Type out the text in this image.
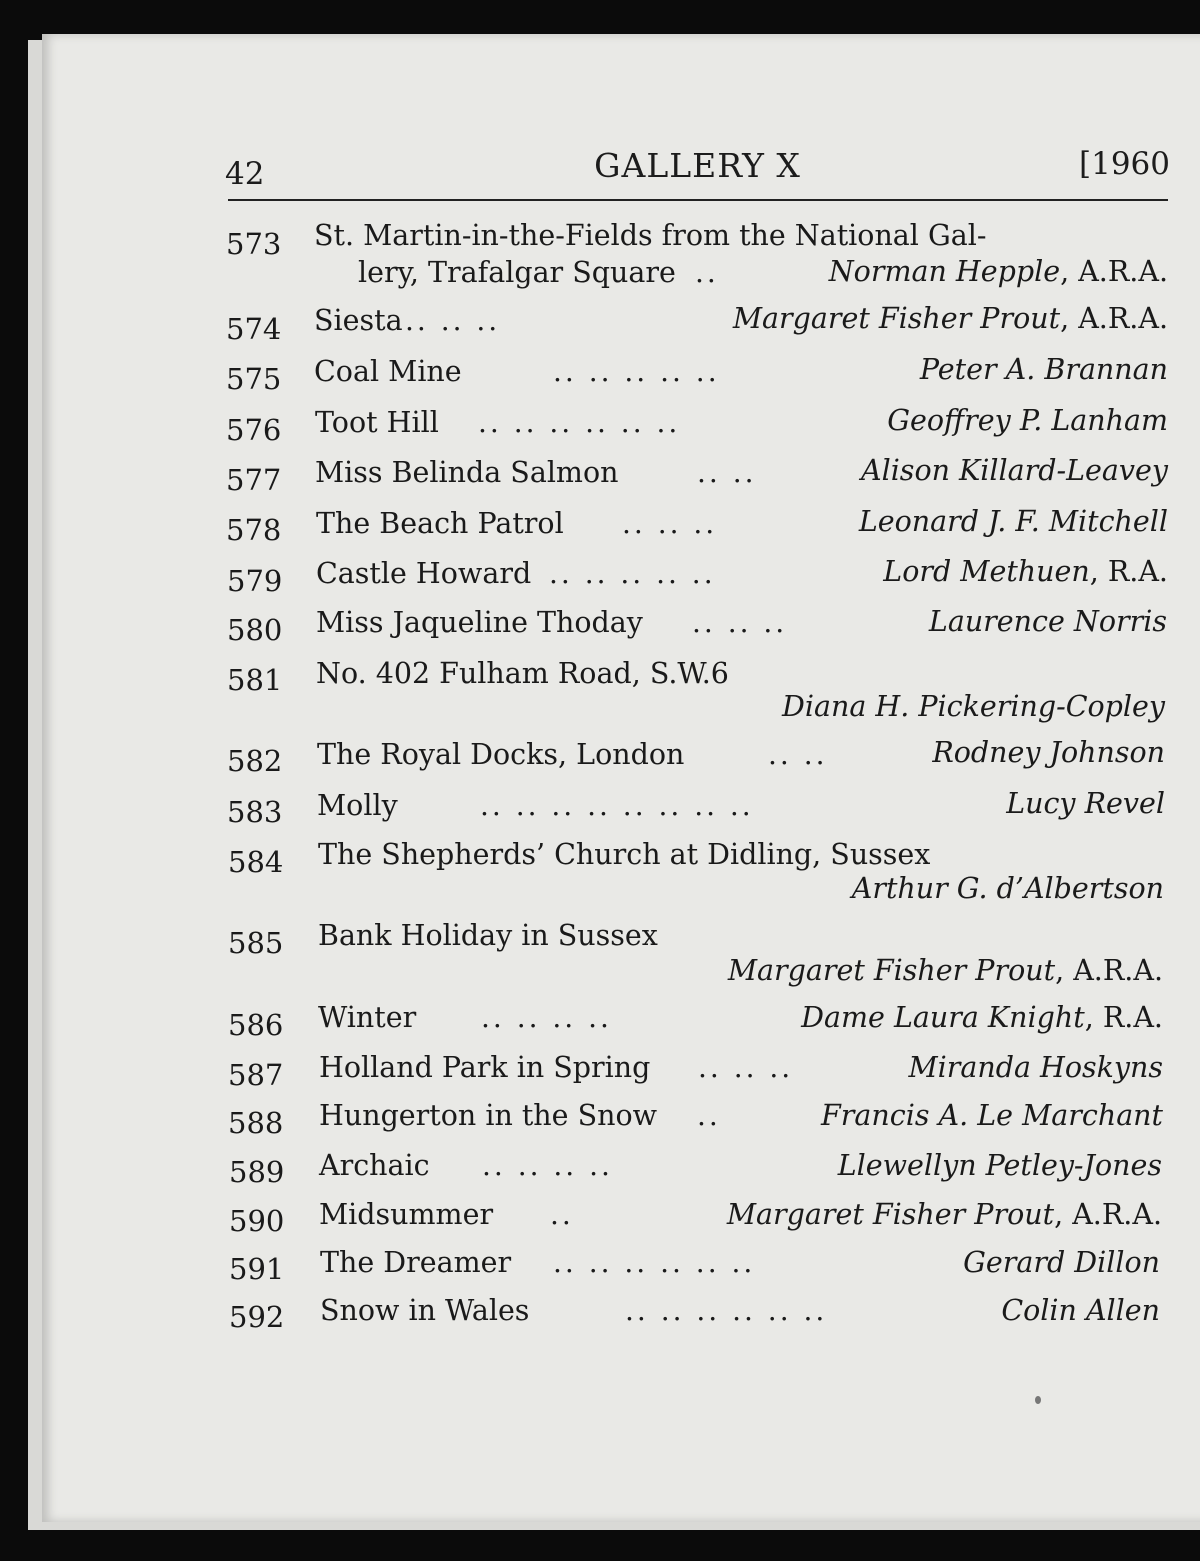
42	GALLERY X	[1960
573 St. Martin-in-the-Fields from the National Gal-
lery, Trafalgar Square ..	Norman Hepple, A.R.A.
574 Siesta .. .. ..	Margaret Fisher Prout, A.R.A.
575 Coal Mine	.. .. .. .. ..	Peter A. Brannan
576 Toot Hill .. .. .. .. .. ..	Geoffrey P. Lanham
577 Miss Belinda Salmon	.. ..	Alison Killard-Leavey
578 The Beach Patrol .. .. ..	Leonard J. F. Mitchell
579 Castle Howard .. .. .. .. ..	Lord Methuen, R.A.
580 Miss Jaqueline Thoday .. .. ..	Laurence Norris
581 No. 402 Fulham Road, S.W.6
Diana H. Pickering-Copley
582 The Royal Docks, London	.. ..	Rodney Johnson
583 Molly	.. .. .. .. .. .. .. ..	Lucy Revel
584 The Shepherds’ Church at Didling, Sussex
Arthur G. d’Albertson
585 Bank Holiday in Sussex
Margaret Fisher Prout, A.R.A.
586 Winter .. .. .. ..	Dame Laura Knight, R.A.
587 Holland Park in Spring .. .. ..	Miranda Hoskyns
588 Hungerton in the Snow ..	Francis A. Le Marchant
589 Archaic .. .. .. ..	Llewellyn Petley-Jones
590 Midsummer ..	Margaret Fisher Prout, A.R.A.
591 The Dreamer .. .. .. .. .. ..	Gerard Dillon
592 Snow in Wales	.. .. .. .. .. ..	Colin Allen
